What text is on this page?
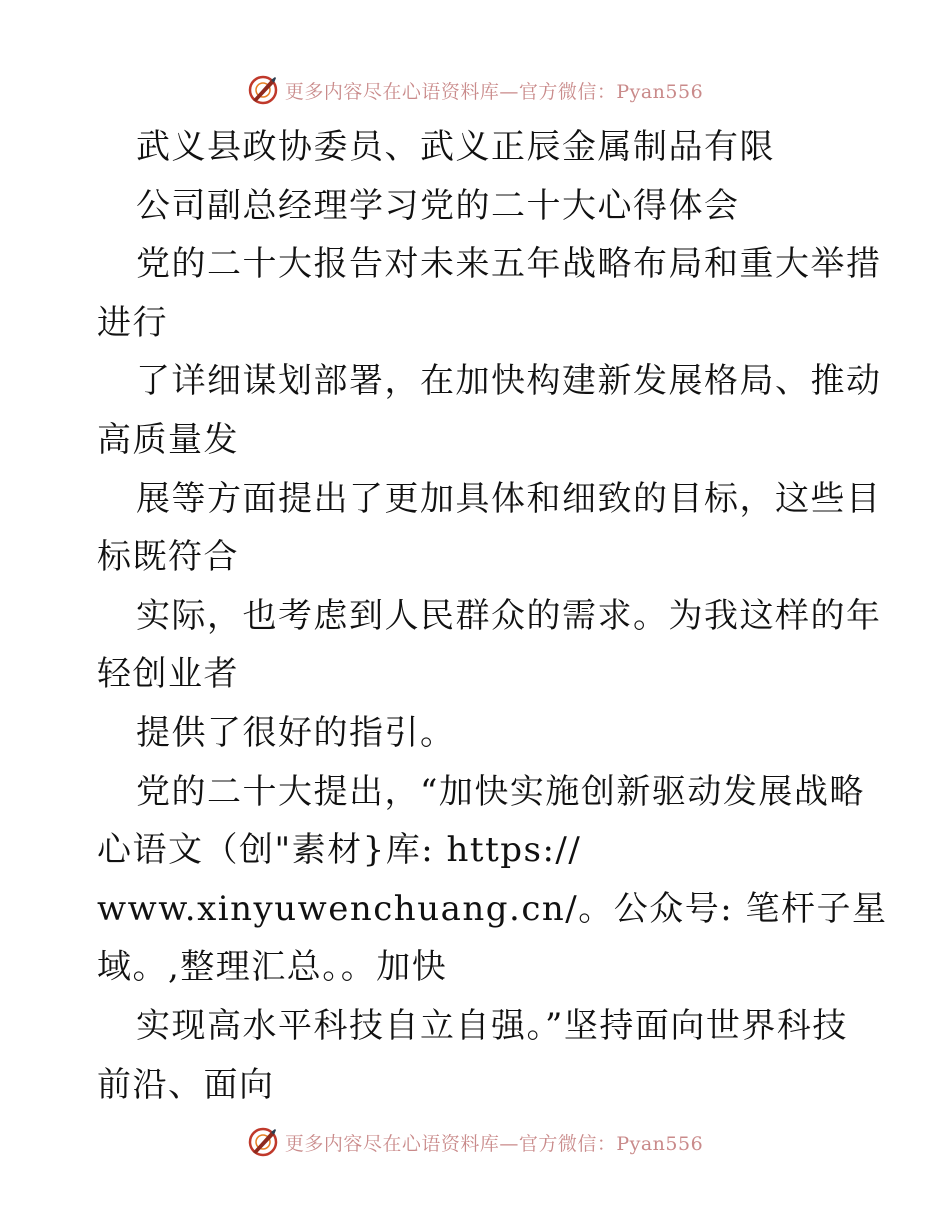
更多内容尽在心语资料库—官方微信：Pyan556
武义县政协委员、武义正辰金属制品有限
公司副总经理学习党的二十大心得体会
党的二十大报告对未来五年战略布局和重大举措
进行
了详细谋划部署，在加快构建新发展格局、推动
高质量发
展等方面提出了更加具体和细致的目标，这些目
标既符合
实际，也考虑到人民群众的需求。为我这样的年
轻创业者
提供了很好的指引。
党的二十大提出，“加快实施创新驱动发展战略
心语文（创"素材}库: https://
www.xinyuwenchuang.cn/。公众号: 笔杆子星
域。,整理汇总。。加快
实现高水平科技自立自强。”坚持面向世界科技
前沿、面向
更多内容尽在心语资料库—官方微信：Pyan556
